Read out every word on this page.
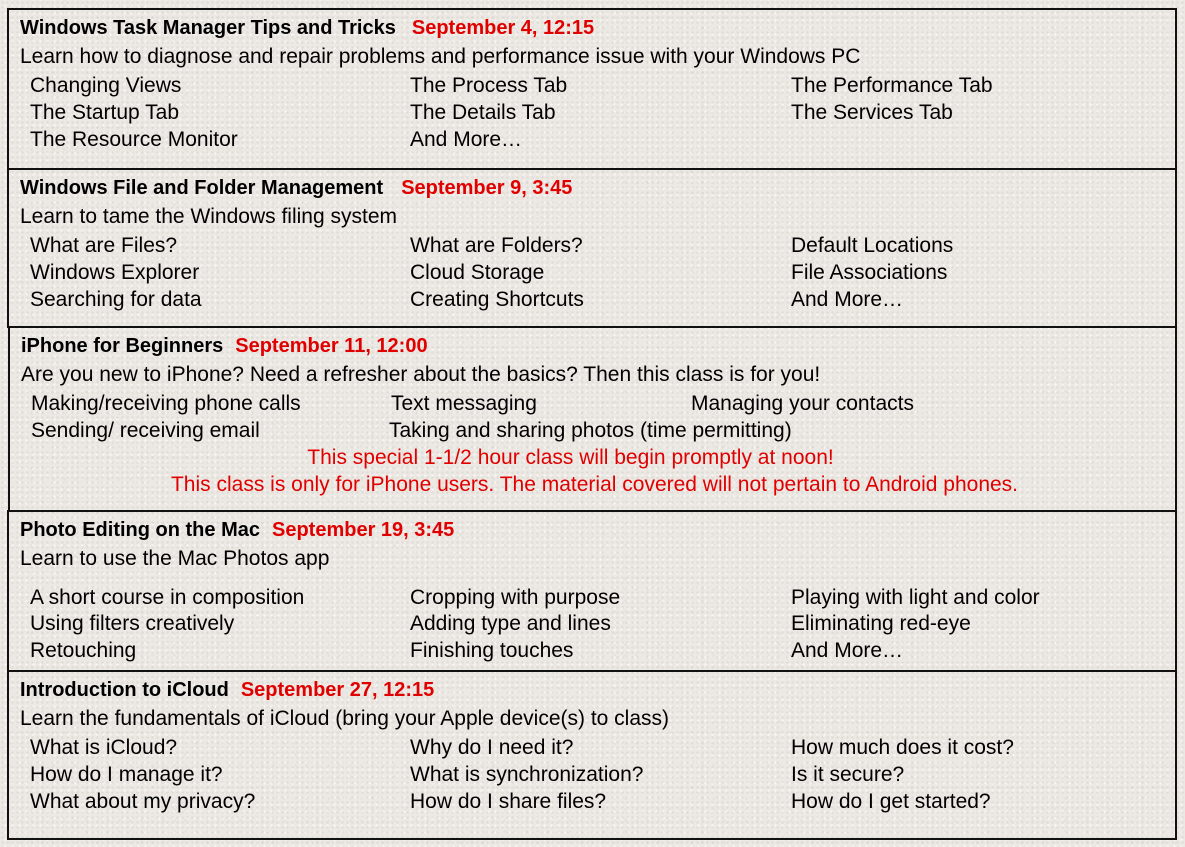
Windows Task Manager Tips and Tricks September 4, 12:15
Learn how to diagnose and repair problems and performance issue with your Windows PC
Changing Views	The Process Tab	The Performance Tab
The Startup Tab	The Details Tab	The Services Tab
The Resource Monitor	And More…
Windows File and Folder Management September 9, 3:45
Learn to tame the Windows filing system
What are Files?	What are Folders?	Default Locations
Windows Explorer	Cloud Storage	File Associations
Searching for data	Creating Shortcuts	And More…
iPhone for Beginners September 11, 12:00
Are you new to iPhone? Need a refresher about the basics? Then this class is for you!
Making/receiving phone calls	Text messaging	Managing your contacts
Sending/ receiving email	Taking and sharing photos (time permitting)
This special 1-1/2 hour class will begin promptly at noon!
This class is only for iPhone users. The material covered will not pertain to Android phones.
Photo Editing on the Mac September 19, 3:45
Learn to use the Mac Photos app
A short course in composition	Cropping with purpose	Playing with light and color
Using filters creatively	Adding type and lines	Eliminating red-eye
Retouching	Finishing touches	And More…
Introduction to iCloud September 27, 12:15
Learn the fundamentals of iCloud (bring your Apple device(s) to class)
What is iCloud?	Why do I need it?	How much does it cost?
How do I manage it?	What is synchronization?	Is it secure?
What about my privacy?	How do I share files?	How do I get started?
